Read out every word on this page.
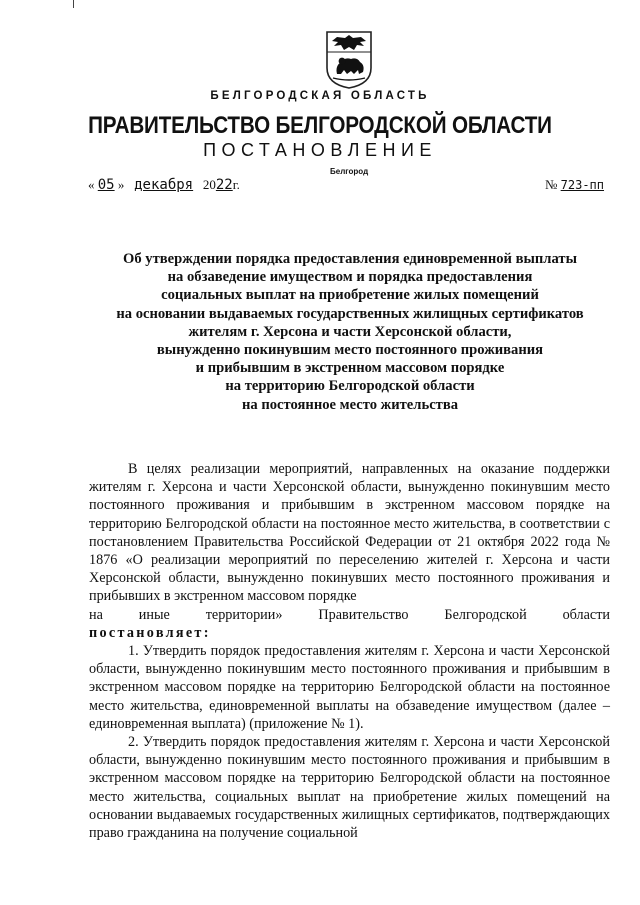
БЕЛГОРОДСКАЯ ОБЛАСТЬ
ПРАВИТЕЛЬСТВО БЕЛГОРОДСКОЙ ОБЛАСТИ
ПОСТАНОВЛЕНИЕ
Белгород
« 05 » декабря 2022г.	№ 723-пп
Об утверждении порядка предоставления единовременной выплаты
на обзаведение имуществом и порядка предоставления
социальных выплат на приобретение жилых помещений
на основании выдаваемых государственных жилищных сертификатов
жителям г. Херсона и части Херсонской области,
вынужденно покинувшим место постоянного проживания
и прибывшим в экстренном массовом порядке
на территорию Белгородской области
на постоянное место жительства

В целях реализации мероприятий, направленных на оказание поддержки жителям г. Херсона и части Херсонской области, вынужденно покинувшим место постоянного проживания и прибывшим в экстренном массовом порядке на территорию Белгородской области на постоянное место жительства, в соответствии с постановлением Правительства Российской Федерации от 21 октября 2022 года № 1876 «О реализации мероприятий по переселению жителей г. Херсона и части Херсонской области, вынужденно покинувших место постоянного проживания и прибывших в экстренном массовом порядке

на иные территории» Правительство Белгородской области

постановляет:

1. Утвердить порядок предоставления жителям г. Херсона и части Херсонской области, вынужденно покинувшим место постоянного проживания и прибывшим в экстренном массовом порядке на территорию Белгородской области на постоянное место жительства, единовременной выплаты на обзаведение имуществом (далее – единовременная выплата) (приложение № 1).

2. Утвердить порядок предоставления жителям г. Херсона и части Херсонской области, вынужденно покинувшим место постоянного проживания и прибывшим в экстренном массовом порядке на территорию Белгородской области на постоянное место жительства, социальных выплат на приобретение жилых помещений на основании выдаваемых государственных жилищных сертификатов, подтверждающих право гражданина на получение социальной
